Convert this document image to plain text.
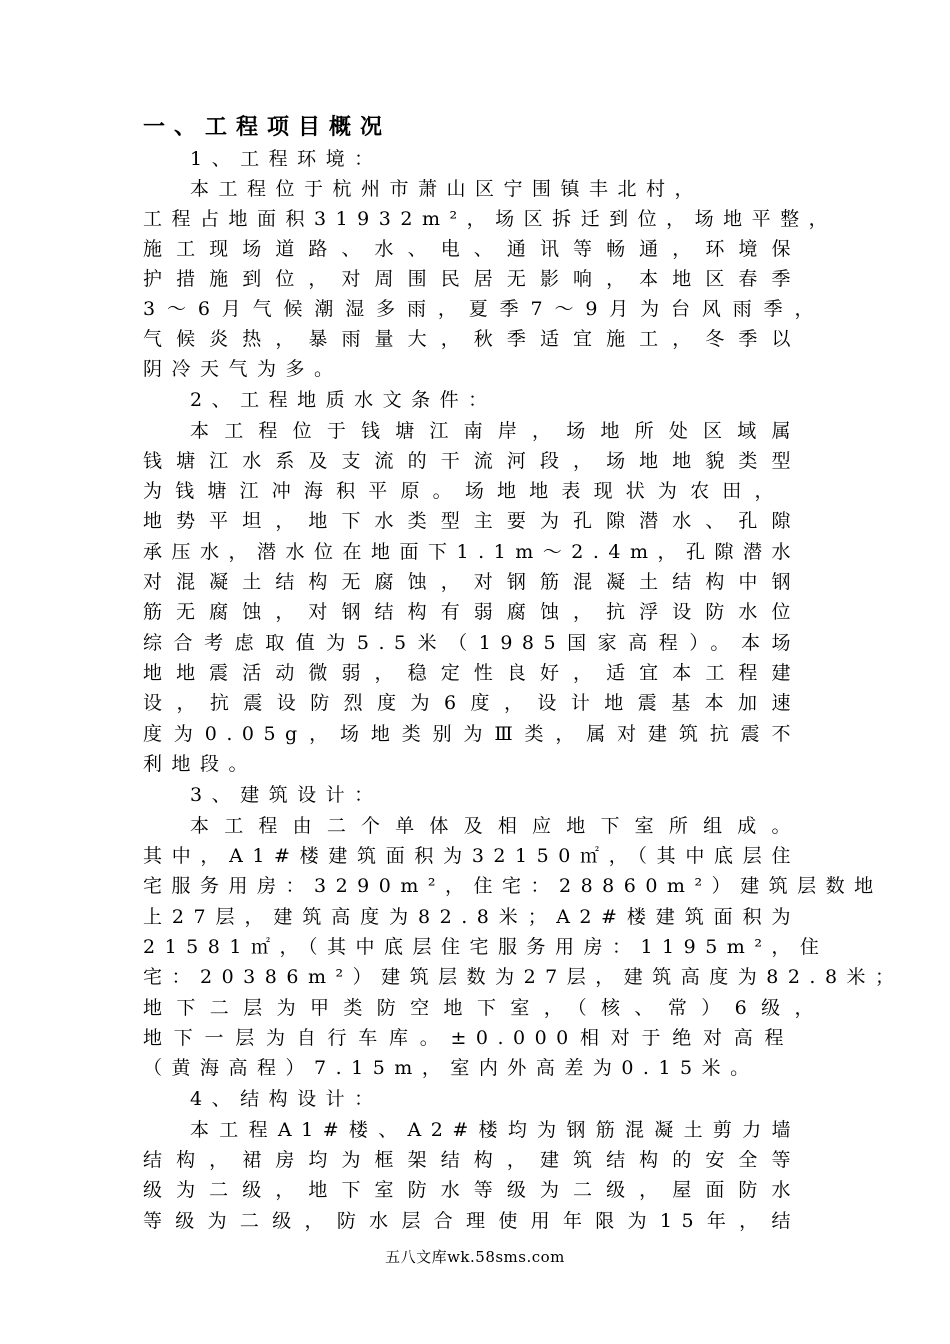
一、工程项目概况
1、工程环境：
本工程位于杭州市萧山区宁围镇丰北村，
工程占地面积31932m²，场区拆迁到位，场地平整，
施工现场道路、水、电、通讯等畅通，环境保
护措施到位，对周围民居无影响，本地区春季
3～6月气候潮湿多雨，夏季7～9月为台风雨季，
气候炎热，暴雨量大，秋季适宜施工，冬季以
阴冷天气为多。
2、工程地质水文条件：
本工程位于钱塘江南岸，场地所处区域属
钱塘江水系及支流的干流河段，场地地貌类型
为钱塘江冲海积平原。场地地表现状为农田，
地势平坦，地下水类型主要为孔隙潜水、孔隙
承压水，潜水位在地面下1.1m～2.4m，孔隙潜水
对混凝土结构无腐蚀，对钢筋混凝土结构中钢
筋无腐蚀，对钢结构有弱腐蚀，抗浮设防水位
综合考虑取值为5.5米（1985国家高程）。本场
地地震活动微弱，稳定性良好，适宜本工程建
设，抗震设防烈度为6度，设计地震基本加速
度为0.05g，场地类别为Ⅲ类，属对建筑抗震不
利地段。
3、建筑设计：
本工程由二个单体及相应地下室所组成。
其中，A1#楼建筑面积为32150㎡，（其中底层住
宅服务用房：3290m²，住宅：28860m²）建筑层数地
上27层，建筑高度为82.8米；A2#楼建筑面积为
21581㎡，（其中底层住宅服务用房：1195m²，住
宅：20386m²）建筑层数为27层，建筑高度为82.8米；
地下二层为甲类防空地下室，（核、常）6级，
地下一层为自行车库。±0.000相对于绝对高程
（黄海高程）7.15m，室内外高差为0.15米。
4、结构设计：
本工程A1#楼、A2#楼均为钢筋混凝土剪力墙
结构，裙房均为框架结构，建筑结构的安全等
级为二级，地下室防水等级为二级，屋面防水
等级为二级，防水层合理使用年限为15年，结
五八文库wk.58sms.com
